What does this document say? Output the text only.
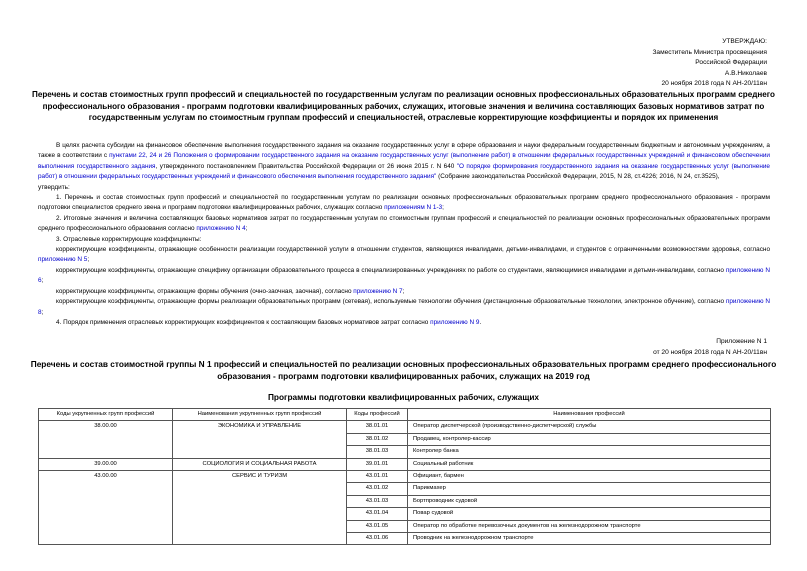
УТВЕРЖДАЮ:
Заместитель Министра просвещения
Российской Федерации
А.В.Николаев
20 ноября 2018 года N АН-20/11вн
Перечень и состав стоимостных групп профессий и специальностей по государственным услугам по реализации основных профессиональных образовательных программ среднего профессионального образования - программ подготовки квалифицированных рабочих, служащих, итоговые значения и величина составляющих базовых нормативов затрат по государственным услугам по стоимостным группам профессий и специальностей, отраслевые корректирующие коэффициенты и порядок их применения

В целях расчета субсидии на финансовое обеспечение выполнения государственного задания на оказание государственных услуг в сфере образования и науки федеральным государственным бюджетным и автономным учреждениям, а также в соответствии с пунктами 22, 24 и 26 Положения о формировании государственного задания на оказание государственных услуг (выполнение работ) в отношении федеральных государственных учреждений и финансовом обеспечении выполнения государственного задания, утвержденного постановлением Правительства Российской Федерации от 26 июня 2015 г. N 640 "О порядке формирования государственного задания на оказание государственных услуг (выполнение работ) в отношении федеральных государственных учреждений и финансового обеспечения выполнения государственного задания" (Собрание законодательства Российской Федерации, 2015, N 28, ст.4226; 2016, N 24, ст.3525),

утвердить:

1. Перечень и состав стоимостных групп профессий и специальностей по государственным услугам по реализации основных профессиональных образовательных программ среднего профессионального образования - программ подготовки специалистов среднего звена и программ подготовки квалифицированных рабочих, служащих согласно приложениям N 1-3;

2. Итоговые значения и величина составляющих базовых нормативов затрат по государственным услугам по стоимостным группам профессий и специальностей по реализации основных профессиональных образовательных программ среднего профессионального образования согласно приложению N 4;

3. Отраслевые корректирующие коэффициенты:

корректирующие коэффициенты, отражающие особенности реализации государственной услуги в отношении студентов, являющихся инвалидами, детьми-инвалидами, и студентов с ограниченными возможностями здоровья, согласно приложению N 5;

корректирующие коэффициенты, отражающие специфику организации образовательного процесса в специализированных учреждениях по работе со студентами, являющимися инвалидами и детьми-инвалидами, согласно приложению N 6;

корректирующие коэффициенты, отражающие формы обучения (очно-заочная, заочная), согласно приложению N 7;

корректирующие коэффициенты, отражающие формы реализации образовательных программ (сетевая), используемые технологии обучения (дистанционные образовательные технологии, электронное обучение), согласно приложению N 8;

4. Порядок применения отраслевых корректирующих коэффициентов к составляющим базовых нормативов затрат согласно приложению N 9.

Приложение N 1
от 20 ноября 2018 года N АН-20/11вн
Перечень и состав стоимостной группы N 1 профессий и специальностей по реализации основных профессиональных образовательных программ среднего профессионального образования - программ подготовки квалифицированных рабочих, служащих на 2019 год
Программы подготовки квалифицированных рабочих, служащих
Коды укрупненных групп профессий	Наименования укрупненных групп профессий	Коды профессий	Наименования профессий
38.00.00	ЭКОНОМИКА И УПРАВЛЕНИЕ	38.01.01	Оператор диспетчерской (производственно-диспетчерской) службы
		38.01.02	Продавец, контролер-кассир
		38.01.03	Контролер банка
39.00.00	СОЦИОЛОГИЯ И СОЦИАЛЬНАЯ РАБОТА	39.01.01	Социальный работник
43.00.00	СЕРВИС И ТУРИЗМ	43.01.01	Официант, бармен
		43.01.02	Парикмахер
		43.01.03	Бортпроводник судовой
		43.01.04	Повар судовой
		43.01.05	Оператор по обработке перевозочных документов на железнодорожном транспорте
		43.01.06	Проводник на железнодорожном транспорте
